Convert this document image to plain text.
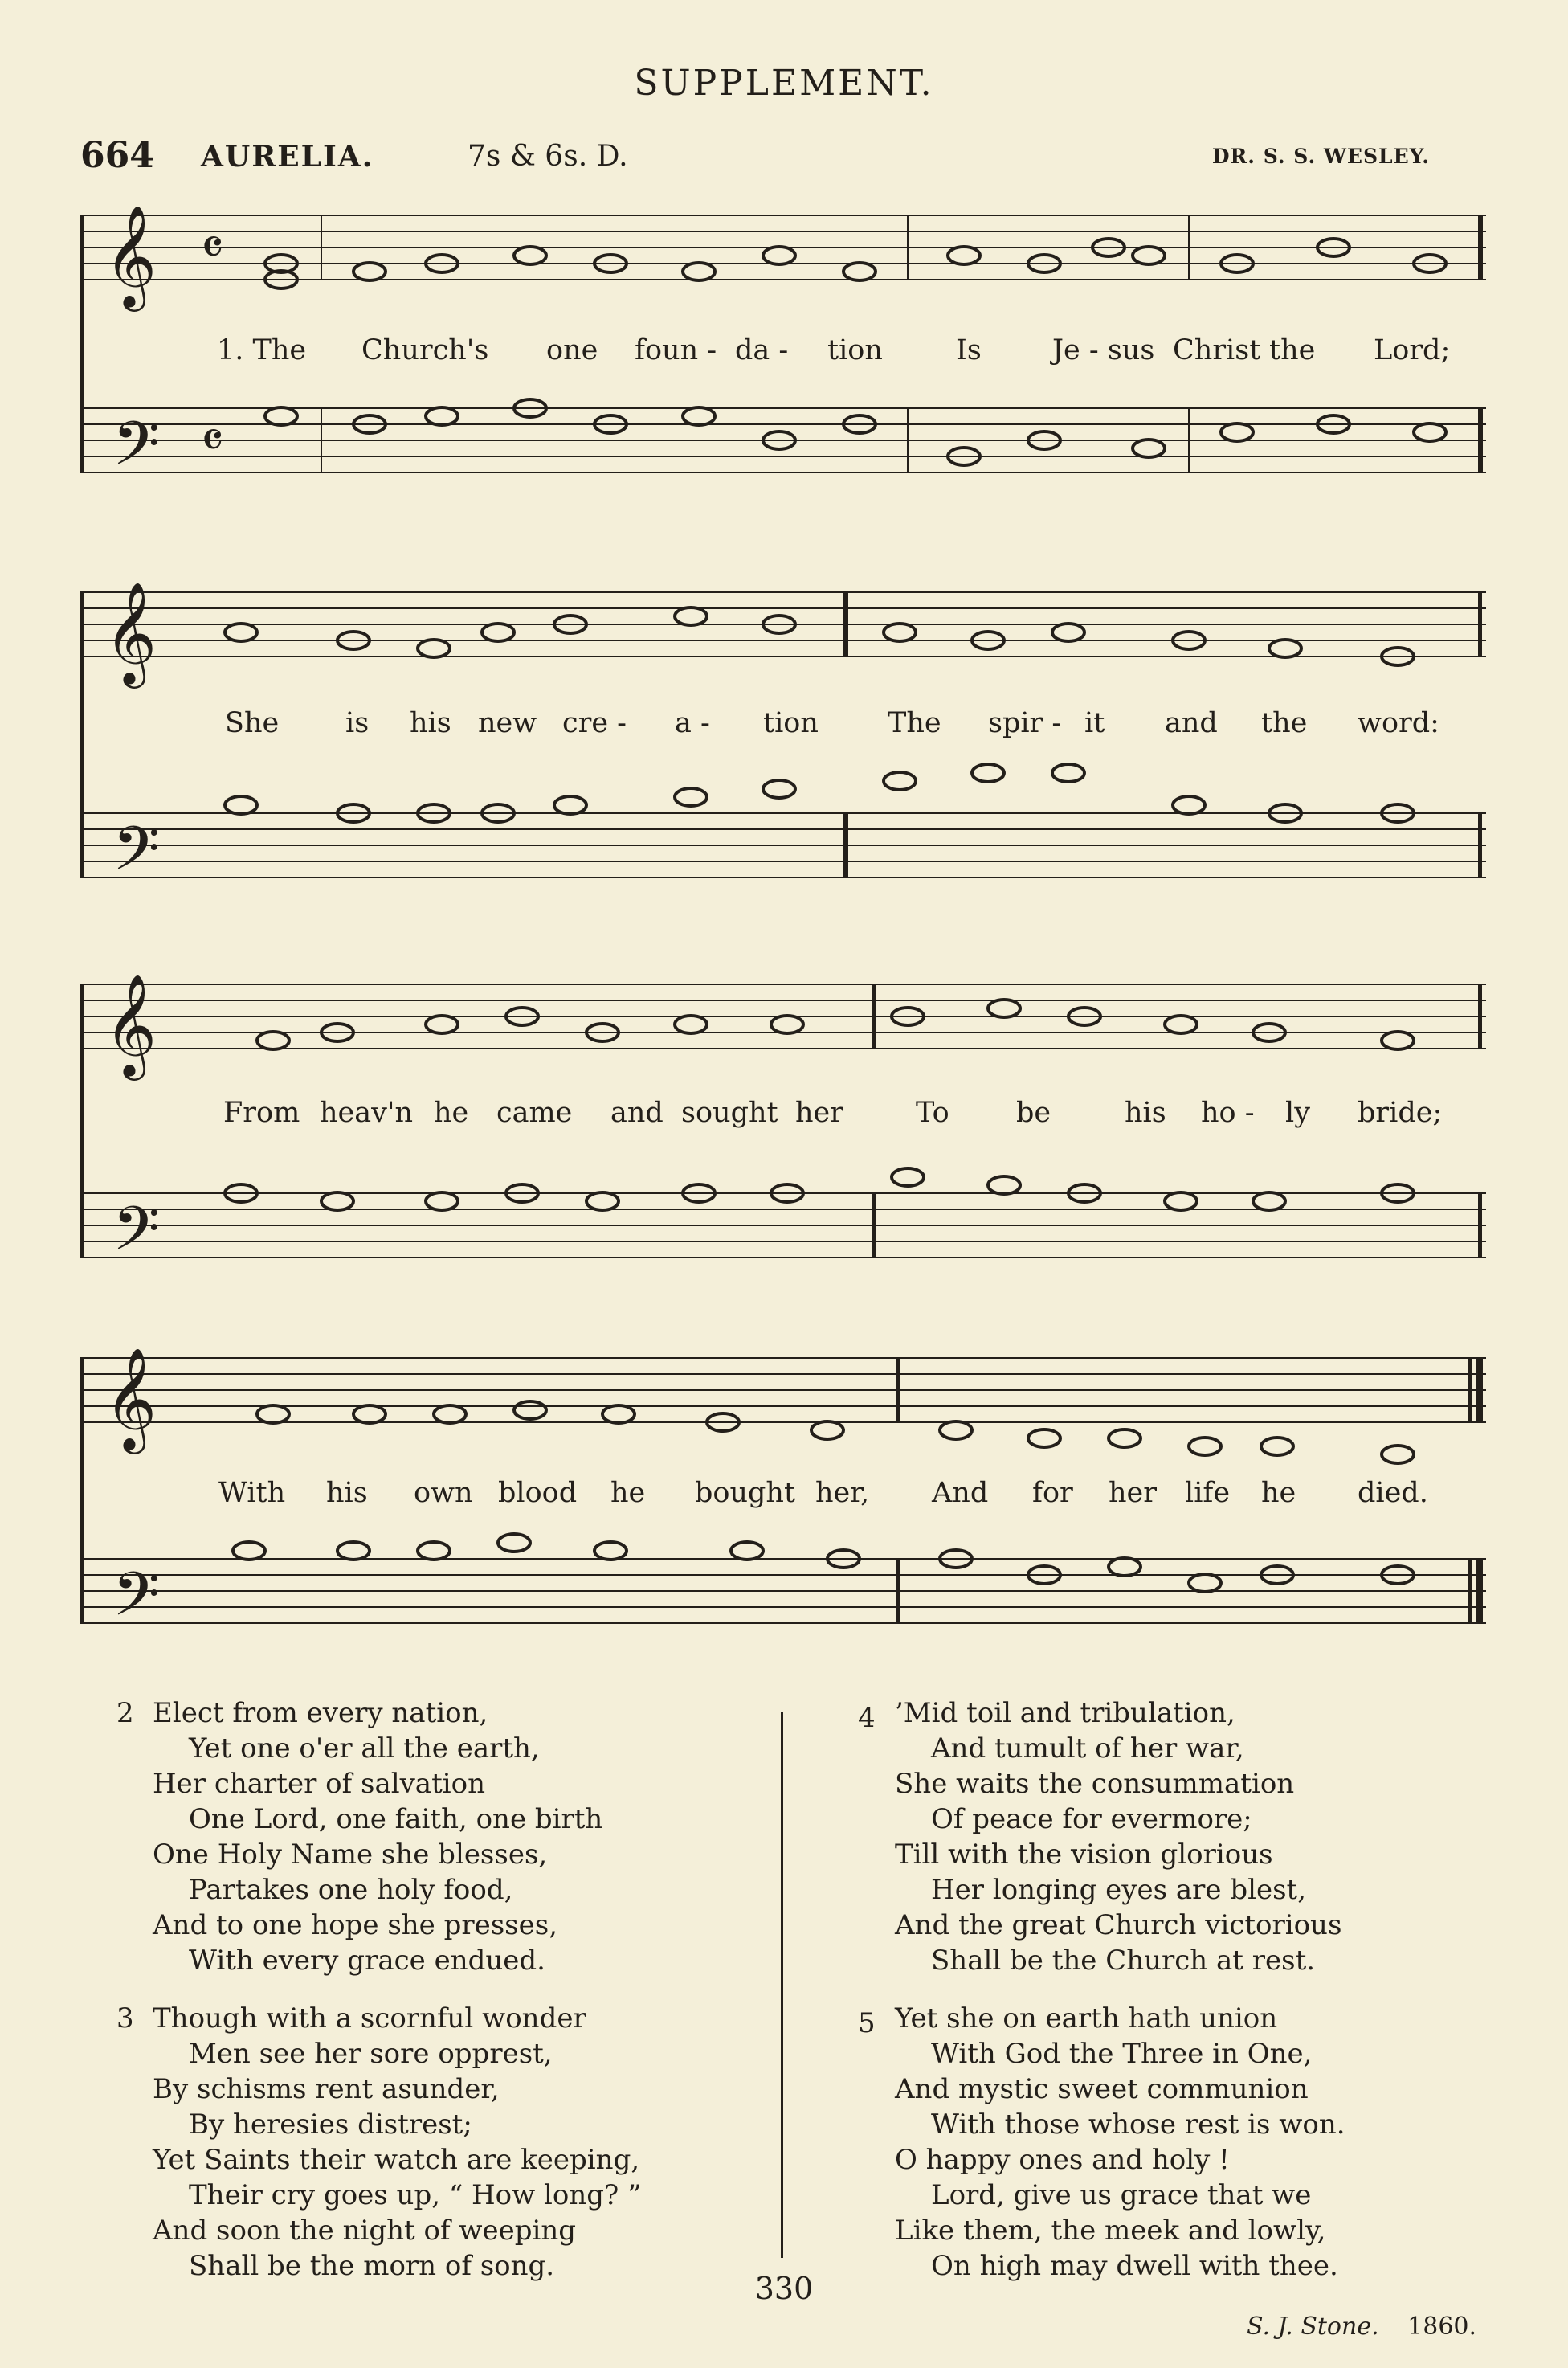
SUPPLEMENT.
664 AURELIA.	7s & 6s. D.	DR. S. S. WESLEY.
𝄞
𝄢
𝄴
𝄴
1. The Church's one foun - da - tion	Is	Je - sus Christ the Lord;
𝄞
𝄢
She is his new cre - a - tion The spir - it and the word:
𝄞
𝄢
From heav'n he came and sought her	To be	his ho - ly bride;
𝄞
𝄢
With his own blood he bought her, And for her life he died.
2 Elect from every nation,
Yet one o'er all the earth,
Her charter of salvation
One Lord, one faith, one birth
One Holy Name she blesses,
Partakes one holy food,
And to one hope she presses,
With every grace endued.
3 Though with a scornful wonder
Men see her sore opprest,
By schisms rent asunder,
By heresies distrest;
Yet Saints their watch are keeping,
Their cry goes up, “ How long? ”
And soon the night of weeping
Shall be the morn of song.
4 ’Mid toil and tribulation,
And tumult of her war,
She waits the consummation
Of peace for evermore;
Till with the vision glorious
Her longing eyes are blest,
And the great Church victorious
Shall be the Church at rest.
5 Yet she on earth hath union
With God the Three in One,
And mystic sweet communion
With those whose rest is won.
O happy ones and holy !
Lord, give us grace that we
Like them, the meek and lowly,
On high may dwell with thee.
330
S. J. Stone. 1860.
